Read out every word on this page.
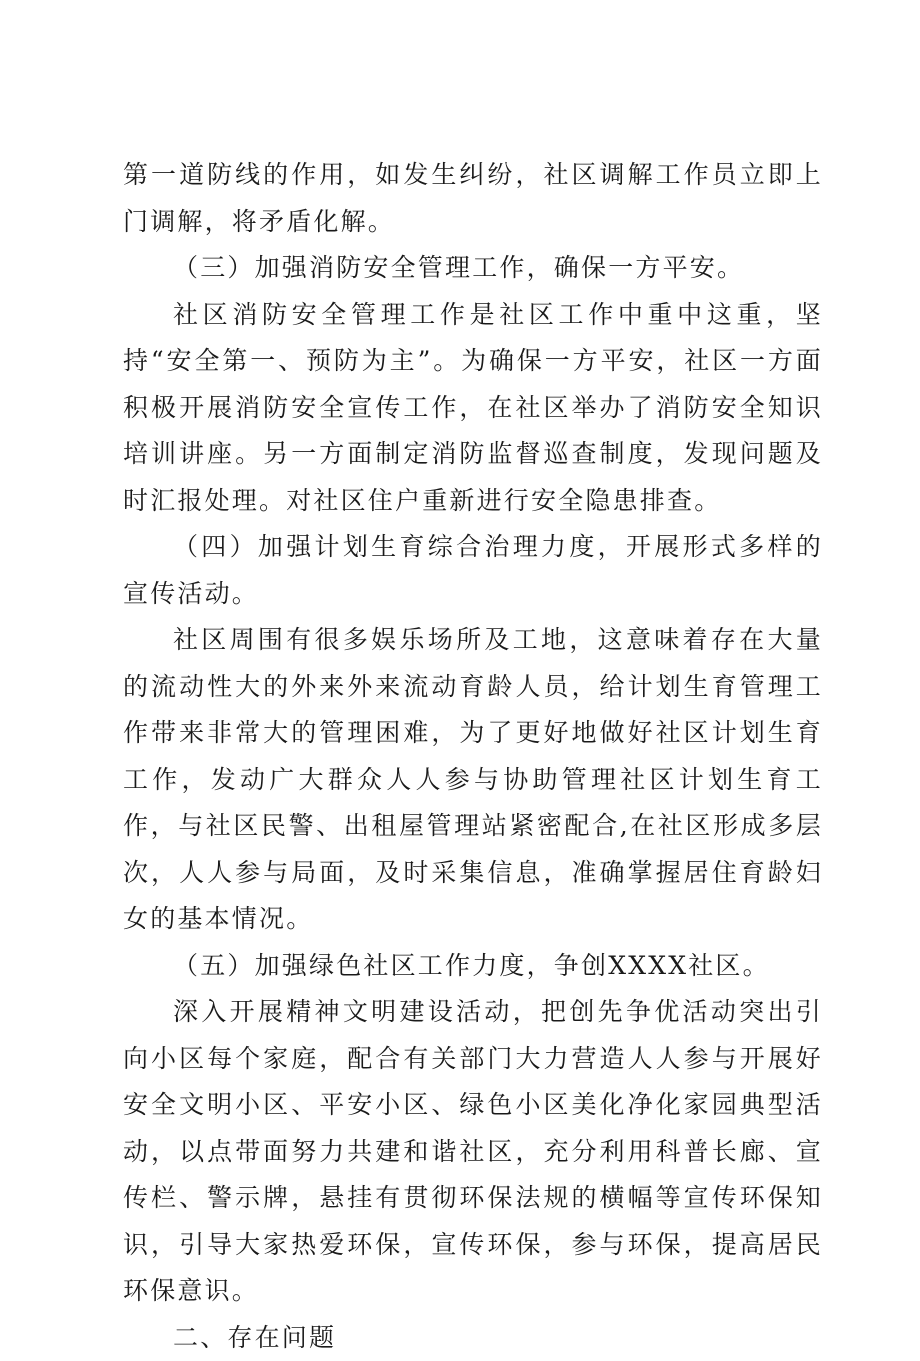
第一道防线的作用，如发生纠纷，社区调解工作员立即上门调解，将矛盾化解。

（三）加强消防安全管理工作，确保一方平安。

社区消防安全管理工作是社区工作中重中这重，坚持“安全第一、预防为主”。为确保一方平安，社区一方面积极开展消防安全宣传工作，在社区举办了消防安全知识培训讲座。另一方面制定消防监督巡查制度，发现问题及时汇报处理。对社区住户重新进行安全隐患排查。

（四）加强计划生育综合治理力度，开展形式多样的宣传活动。

社区周围有很多娱乐场所及工地，这意味着存在大量的流动性大的外来外来流动育龄人员，给计划生育管理工作带来非常大的管理困难，为了更好地做好社区计划生育工作，发动广大群众人人参与协助管理社区计划生育工作，与社区民警、出租屋管理站紧密配合,在社区形成多层次，人人参与局面，及时采集信息，准确掌握居住育龄妇女的基本情况。

（五）加强绿色社区工作力度，争创XXXX社区。

深入开展精神文明建设活动，把创先争优活动突出引向小区每个家庭，配合有关部门大力营造人人参与开展好安全文明小区、平安小区、绿色小区美化净化家园典型活动，以点带面努力共建和谐社区，充分利用科普长廊、宣传栏、警示牌，悬挂有贯彻环保法规的横幅等宣传环保知识，引导大家热爱环保，宣传环保，参与环保，提高居民环保意识。

二、存在问题
